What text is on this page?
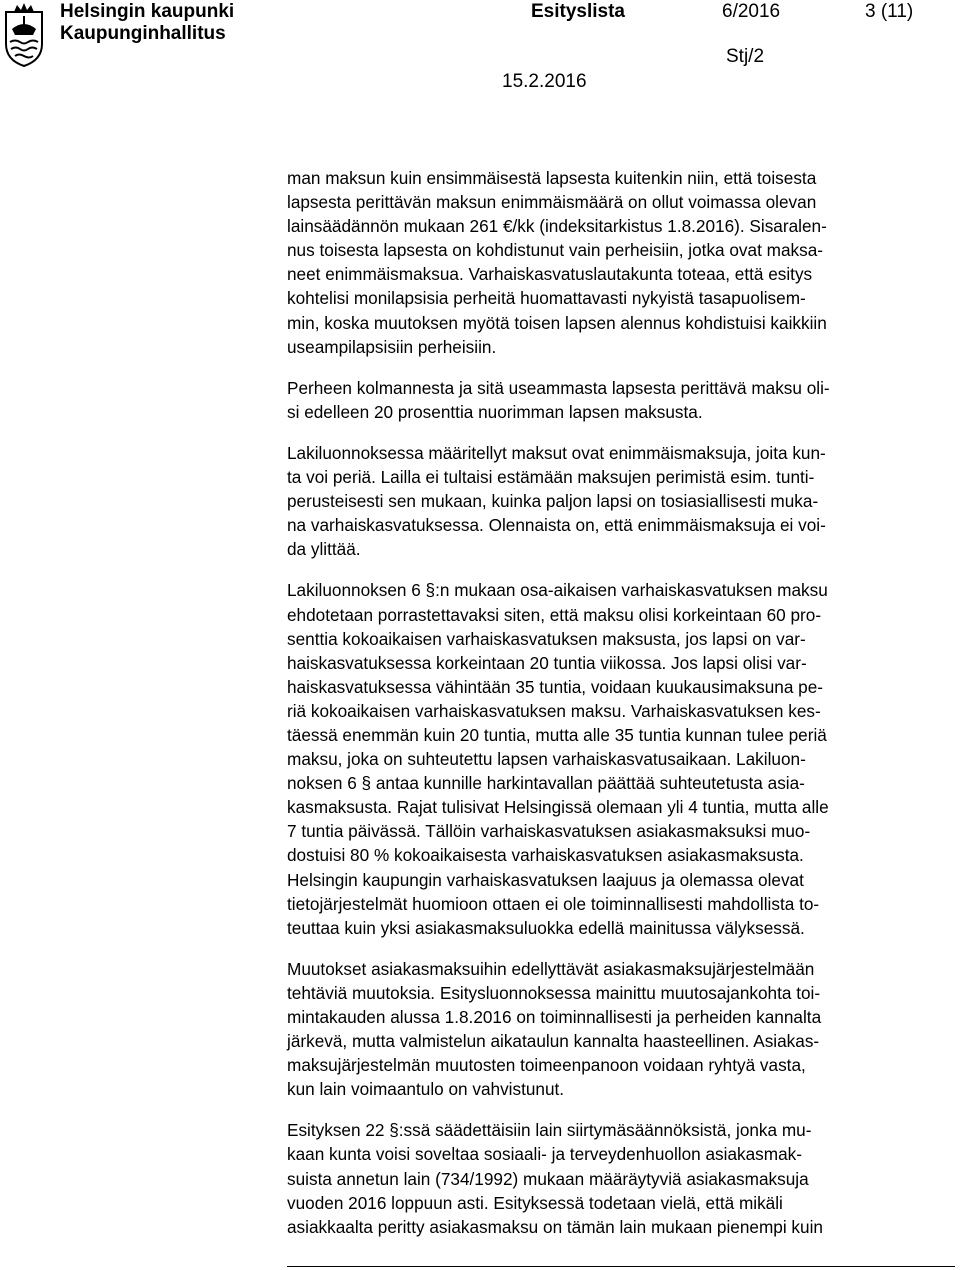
Helsingin kaupunki
Kaupunginhallitus
Esityslista	6/2016	3 (11)
Stj/2
15.2.2016

man maksun kuin ensimmäisestä lapsesta kuitenkin niin, että toisesta
lapsesta perittävän maksun enimmäismäärä on ollut voimassa olevan
lainsäädännön mukaan 261 €/kk (indeksitarkistus 1.8.2016). Sisaralen-
nus toisesta lapsesta on kohdistunut vain perheisiin, jotka ovat maksa-
neet enimmäismaksua. Varhaiskasvatuslautakunta toteaa, että esitys
kohtelisi monilapsisia perheitä huomattavasti nykyistä tasapuolisem-
min, koska muutoksen myötä toisen lapsen alennus kohdistuisi kaikkiin
useampilapsisiin perheisiin.

Perheen kolmannesta ja sitä useammasta lapsesta perittävä maksu oli-
si edelleen 20 prosenttia nuorimman lapsen maksusta.

Lakiluonnoksessa määritellyt maksut ovat enimmäismaksuja, joita kun-
ta voi periä. Lailla ei tultaisi estämään maksujen perimistä esim. tunti-
perusteisesti sen mukaan, kuinka paljon lapsi on tosiasiallisesti muka-
na varhaiskasvatuksessa. Olennaista on, että enimmäismaksuja ei voi-
da ylittää.

Lakiluonnoksen 6 §:n mukaan osa-aikaisen varhaiskasvatuksen maksu
ehdotetaan porrastettavaksi siten, että maksu olisi korkeintaan 60 pro-
senttia kokoaikaisen varhaiskasvatuksen maksusta, jos lapsi on var-
haiskasvatuksessa korkeintaan 20 tuntia viikossa. Jos lapsi olisi var-
haiskasvatuksessa vähintään 35 tuntia, voidaan kuukausimaksuna pe-
riä kokoaikaisen varhaiskasvatuksen maksu. Varhaiskasvatuksen kes-
täessä enemmän kuin 20 tuntia, mutta alle 35 tuntia kunnan tulee periä
maksu, joka on suhteutettu lapsen varhaiskasvatusaikaan. Lakiluon-
noksen 6 § antaa kunnille harkintavallan päättää suhteutetusta asia-
kasmaksusta. Rajat tulisivat Helsingissä olemaan yli 4 tuntia, mutta alle
7 tuntia päivässä. Tällöin varhaiskasvatuksen asiakasmaksuksi muo-
dostuisi 80 % kokoaikaisesta varhaiskasvatuksen asiakasmaksusta.
Helsingin kaupungin varhaiskasvatuksen laajuus ja olemassa olevat
tietojärjestelmät huomioon ottaen ei ole toiminnallisesti mahdollista to-
teuttaa kuin yksi asiakasmaksuluokka edellä mainitussa välyksessä.

Muutokset asiakasmaksuihin edellyttävät asiakasmaksujärjestelmään
tehtäviä muutoksia. Esitysluonnoksessa mainittu muutosajankohta toi-
mintakauden alussa 1.8.2016 on toiminnallisesti ja perheiden kannalta
järkevä, mutta valmistelun aikataulun kannalta haasteellinen. Asiakas-
maksujärjestelmän muutosten toimeenpanoon voidaan ryhtyä vasta,
kun lain voimaantulo on vahvistunut.

Esityksen 22 §:ssä säädettäisiin lain siirtymäsäännöksistä, jonka mu-
kaan kunta voisi soveltaa sosiaali- ja terveydenhuollon asiakasmak-
suista annetun lain (734/1992) mukaan määräytyviä asiakasmaksuja
vuoden 2016 loppuun asti. Esityksessä todetaan vielä, että mikäli
asiakkaalta peritty asiakasmaksu on tämän lain mukaan pienempi kuin
